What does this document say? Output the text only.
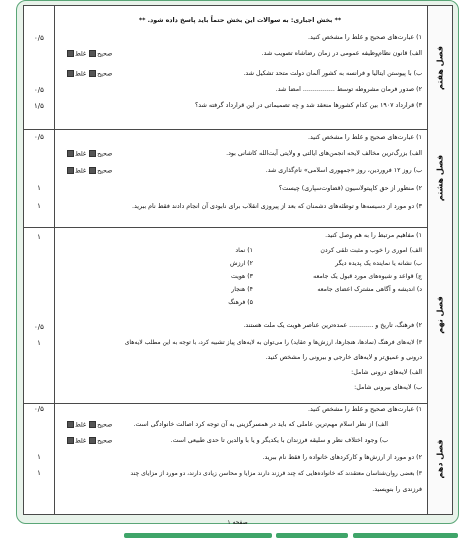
۰/۵
۰/۵
۱/۵
** بخش اجباری: به سوالات این بخش حتماً باید پاسخ داده شود. **
۱) عبارت‌های صحیح و غلط را مشخص کنید.
الف) قانون نظام‌وظیفه عمومی در زمان رضاشاه تصویب شد.
صحیح غلط
ب) با پیوستن ایتالیا و فرانسه به کشور آلمان دولت متحد تشکیل شد.
صحیح غلط
۲) صدور فرمان مشروطه توسط ................ امضا شد.
۳) قرارداد ۱۹۰۷ بین کدام کشورها منعقد شد و چه تصمیماتی در این قرارداد گرفته شد؟
فصل هفتم
۰/۵
۱
۱
۱) عبارت‌های صحیح و غلط را مشخص کنید.
الف) بزرگ‌ترین مخالف لایحه انجمن‌های ایالتی و ولایتی آیت‌الله کاشانی بود.
صحیح غلط
ب) روز ۱۲ فروردین، روز «جمهوری اسلامی» نام‌گذاری شد.
صحیح غلط
۲) منظور از حق کاپیتولاسیون (قضاوت‌سپاری) چیست؟
۳) دو مورد از دسیسه‌ها و توطئه‌های دشمنان که بعد از پیروزی انقلاب برای نابودی آن انجام دادند فقط نام ببرید.
فصل هشتم
۱
۰/۵
۱
۱) مفاهیم مرتبط را به هم وصل کنید.
الف) اموری را خوب و مثبت تلقی کردن
ب) نشانه یا نماینده یک پدیده دیگر
ج) قواعد و شیوه‌های مورد قبول یک جامعه
د) اندیشه و آگاهی مشترک اعضای جامعه
۱) نماد
۲) ارزش
۳) هویت
۴) هنجار
۵) فرهنگ
۲) فرهنگ، تاریخ و ............ عمده‌ترین عناصر هویت یک ملت هستند.
۳) لایه‌های فرهنگ (نمادها، هنجارها، ارزش‌ها و عقاید) را می‌توان به لایه‌های پیاز تشبیه کرد، با توجه به این مطلب لایه‌های
درونی و عمیق‌تر و لایه‌های خارجی و بیرونی را مشخص کنید.
الف) لایه‌های درونی شامل:
ب) لایه‌های بیرونی شامل:
فصل نهم
۰/۵
۱
۱
۱) عبارت‌های صحیح و غلط را مشخص کنید.
الف) از نظر اسلام مهم‌ترین عاملی که باید در همسرگزینی به آن توجه کرد اصالت خانوادگی است.
صحیح غلط
ب) وجود اختلاف نظر و سلیقه فرزندان با یکدیگر و یا با والدین تا حدی طبیعی است.
صحیح غلط
۲) دو مورد از ارزش‌ها و کارکردهای خانواده را فقط نام ببرید.
۳) بعضی روان‌شناسان معتقدند که خانواده‌هایی که چند فرزند دارند مزایا و محاسن زیادی دارند، دو مورد از مزایای چند
فرزندی را بنویسید.
فصل دهم
صفحه ۱
